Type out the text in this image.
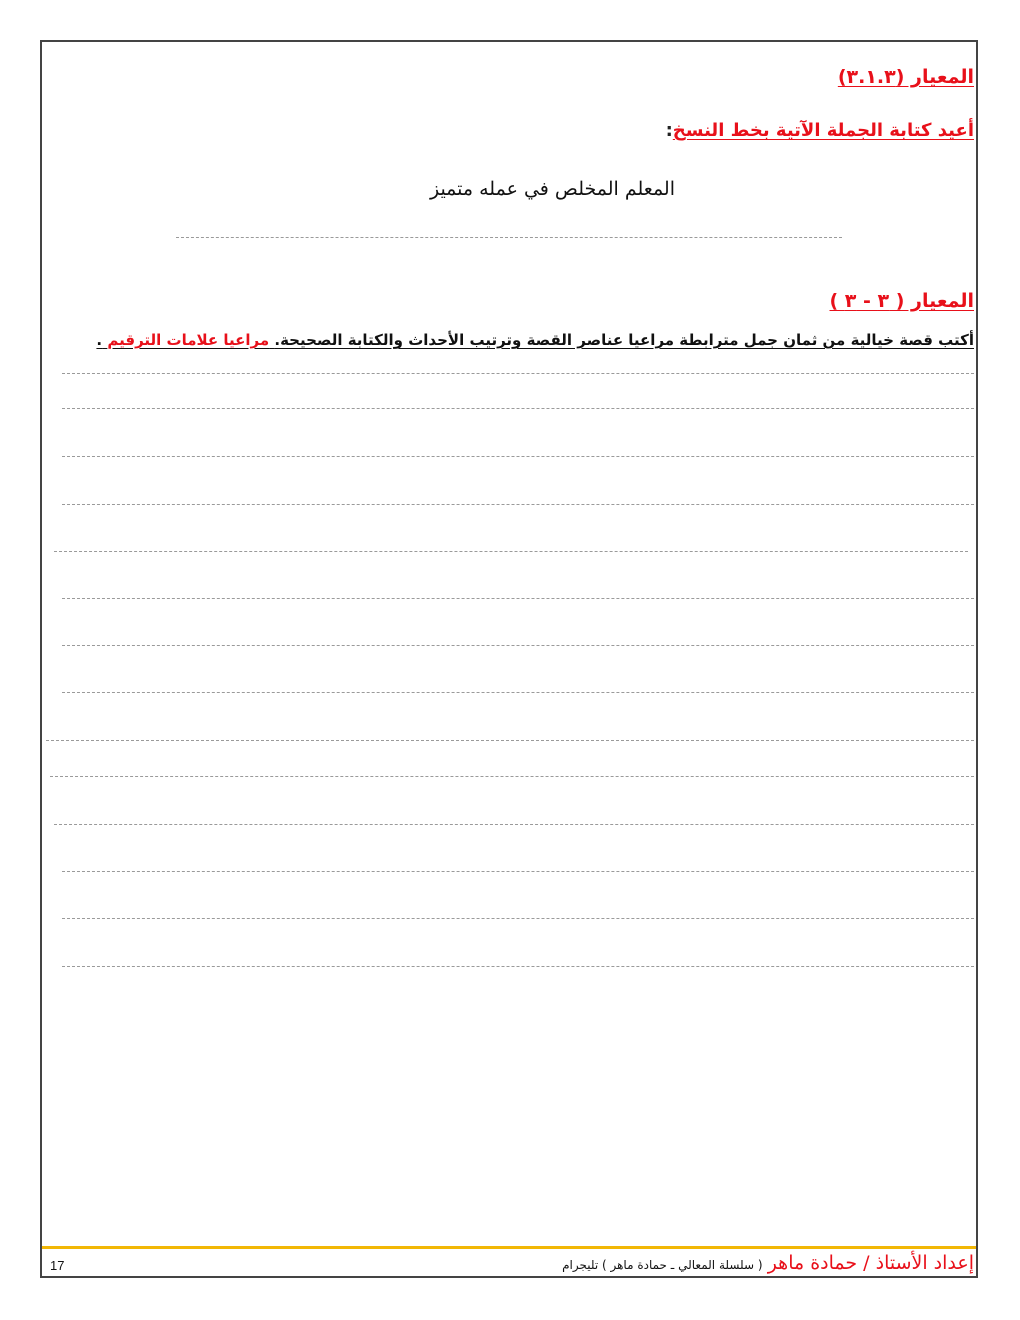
المعيار (٣.١.٣)
أعيد كتابة الجملة الآتية بخط النسخ:
المعلم المخلص في عمله متميز
المعيار ( ٣ - ٣ )
أكتب قصة خيالية من ثمان جمل مترابطة مراعيا عناصر القصة وترتيب الأحداث والكتابة الصحيحة. مراعيا علامات الترقيم .
إعداد الأستاذ / حمادة ماهر ( سلسلة المعالي ـ حمادة ماهر ) تليجرام
17
